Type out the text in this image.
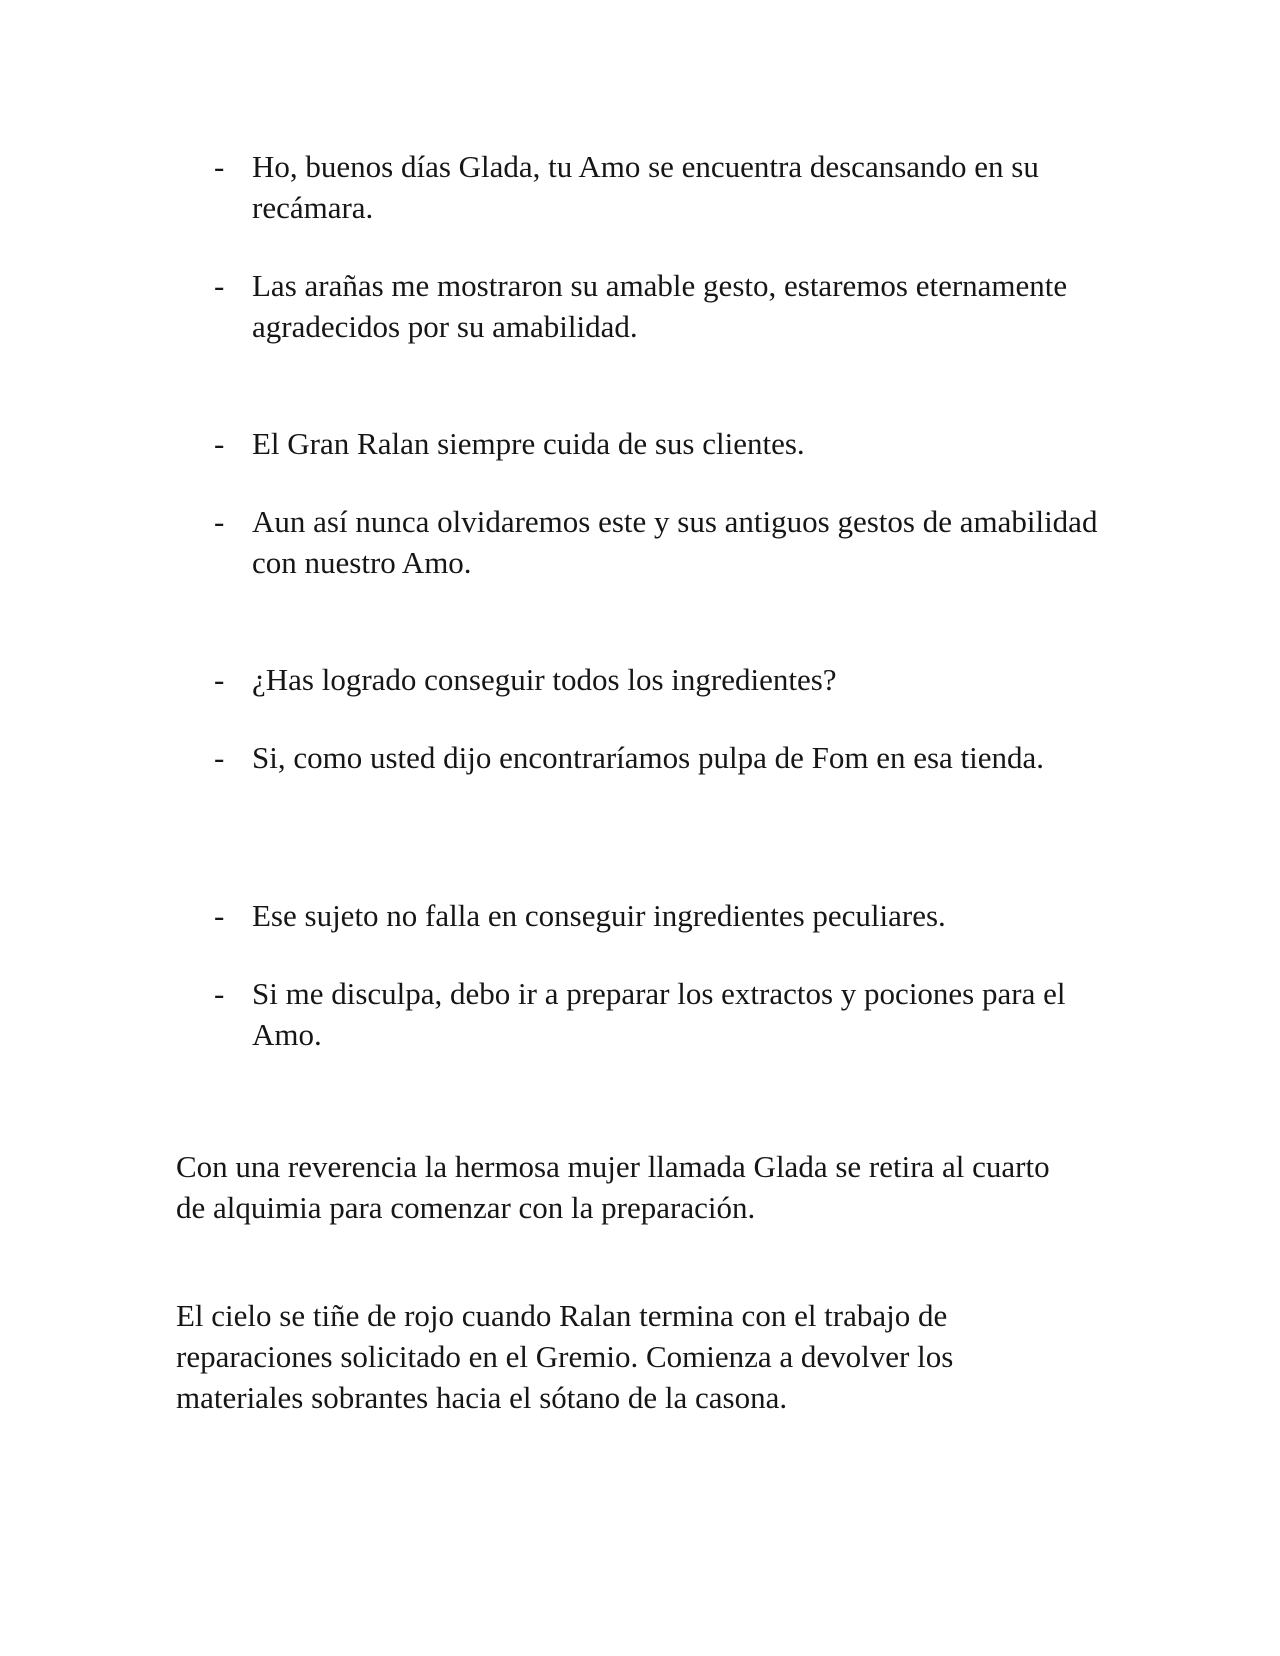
- Ho, buenos días Glada, tu Amo se encuentra descansando en su recámara.
- Las arañas me mostraron su amable gesto, estaremos eternamente agradecidos por su amabilidad.
- El Gran Ralan siempre cuida de sus clientes.
- Aun así nunca olvidaremos este y sus antiguos gestos de amabilidad con nuestro Amo.
- ¿Has logrado conseguir todos los ingredientes?
- Si, como usted dijo encontraríamos pulpa de Fom en esa tienda.
- Ese sujeto no falla en conseguir ingredientes peculiares.
- Si me disculpa, debo ir a preparar los extractos y pociones para el Amo.

Con una reverencia la hermosa mujer llamada Glada se retira al cuarto de alquimia para comenzar con la preparación.

El cielo se tiñe de rojo cuando Ralan termina con el trabajo de reparaciones solicitado en el Gremio. Comienza a devolver los materiales sobrantes hacia el sótano de la casona.
